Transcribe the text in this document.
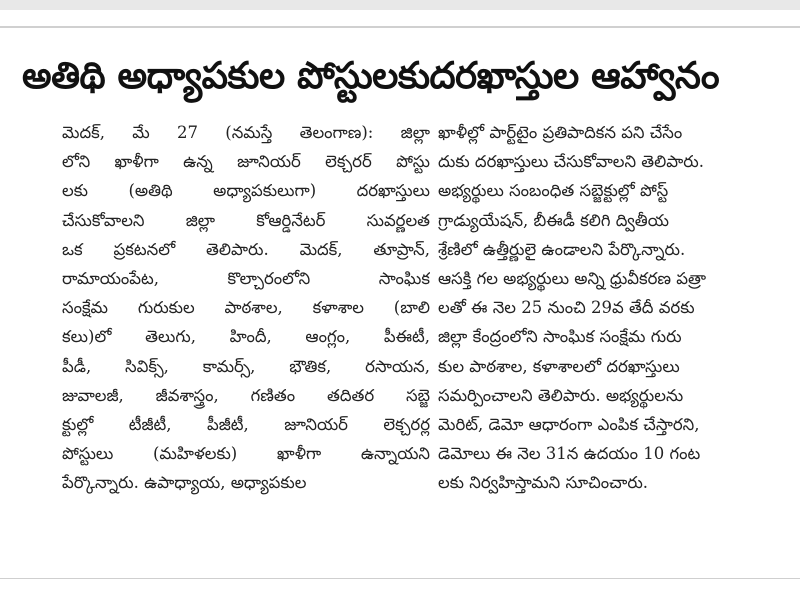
అతిథి అధ్యాపకుల పోస్టులకుదరఖాస్తుల ఆహ్వానం
మెదక్, మే 27 (నమస్తే తెలంగాణ): జిల్లా
లోని ఖాళీగా ఉన్న జూనియర్ లెక్చరర్ పోస్టు
లకు (అతిథి అధ్యాపకులుగా) దరఖాస్తులు
చేసుకోవాలని జిల్లా కోఆర్డినేటర్ సువర్ణలత
ఒక ప్రకటనలో తెలిపారు. మెదక్, తూప్రాన్,
రామాయంపేట, కొల్చారంలోని సాంఘిక
సంక్షేమ గురుకుల పాఠశాల, కళాశాల (బాలి
కలు)లో తెలుగు, హిందీ, ఆంగ్లం, పీఈటీ,
పీడీ, సివిక్స్, కామర్స్, భౌతిక, రసాయన,
జువాలజీ, జీవశాస్త్రం, గణితం తదితర సబ్జె
క్టుల్లో టీజీటీ, పీజీటీ, జూనియర్ లెక్చరర్ల
పోస్టులు (మహిళలకు) ఖాళీగా ఉన్నాయని
పేర్కొన్నారు. ఉపాధ్యాయ, అధ్యాపకుల
ఖాళీల్లో పార్ట్‌టైం ప్రతిపాదికన పని చేసేం
దుకు దరఖాస్తులు చేసుకోవాలని తెలిపారు.
అభ్యర్థులు సంబంధిత సబ్జెక్టుల్లో పోస్ట్
గ్రాడ్యుయేషన్, బీఈడీ కలిగి ద్వితీయ
శ్రేణిలో ఉత్తీర్ణులై ఉండాలని పేర్కొన్నారు.
ఆసక్తి గల అభ్యర్థులు అన్ని ధ్రువీకరణ పత్రా
లతో ఈ నెల 25 నుంచి 29వ తేదీ వరకు
జిల్లా కేంద్రంలోని సాంఘిక సంక్షేమ గురు
కుల పాఠశాల, కళాశాలలో దరఖాస్తులు
సమర్పించాలని తెలిపారు. అభ్యర్థులను
మెరిట్, డెమో ఆధారంగా ఎంపిక చేస్తారని,
డెమోలు ఈ నెల 31న ఉదయం 10 గంట
లకు నిర్వహిస్తామని సూచించారు.
